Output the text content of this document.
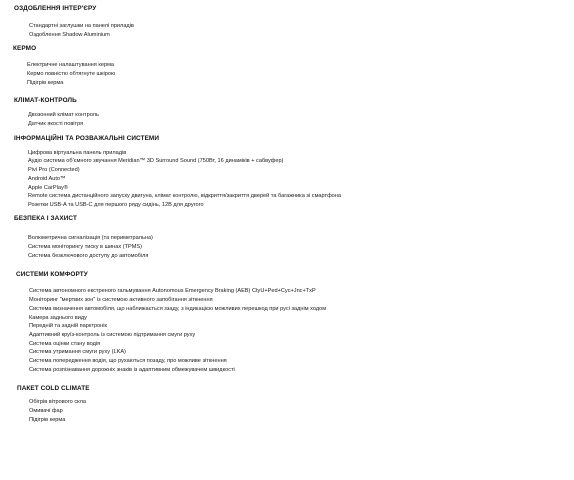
ОЗДОБЛЕННЯ ІНТЕР'ЄРУ
Стандартні заглушки на панелі приладів
Оздоблення Shadow Aluminium
КЕРМО
Електричне налаштування керма
Кермо повністю обтягнуте шкірою
Підігрів керма
КЛІМАТ-КОНТРОЛЬ
Двозонний клімат контроль
Датчик якості повітря
ІНФОРМАЦІЙНІ ТА РОЗВАЖАЛЬНІ СИСТЕМИ
Цифрова віртуальна панель приладів
Аудіо система об'ємного звучання Meridian™ 3D Surround Sound (750Вт, 16 динаміків + сабвуфер)
Pivi Pro (Connected)
Android Auto™
Apple CarPlay®
Remote система дистанційного запуску двигуна, клімат контролю, відкриття/закриття дверей та багажника зі смартфона
Розетки USB-A та USB-C для першого ряду сидінь, 12В для другого
БЕЗПЕКА І ЗАХИСТ
Волюметрична сигналізація (та периметральна)
Система моніторингу тиску в шинах (TPMS)
Система безключового доступу до автомобіля
СИСТЕМИ КОМФОРТУ
Система автономного екстреного гальмування Autonomous Emergency Braking (AEB) CtyU+Ped+Cyc+Jnc+TxP
Моніторинг "мертвих зон" із системою активного запобігання зіткнення
Система визначення автомобіля, що наближається ззаду, з індикацією можливих перешкод при русі заднім ходом
Камера заднього виду
Передній та задній парктронік
Адаптивний круїз-контроль із системою підтримання смуги руху
Система оцінки стану водія
Система утримання смуги руху (LKA)
Система попередження водія, що рухаються позаду, про можливе зіткнення
Система розпізнавання дорожніх знаків із адаптивним обмежувачем швидкості
ПАКЕТ COLD CLIMATE
Обігрів вітрового скла
Омивачі фар
Підігрів керма
